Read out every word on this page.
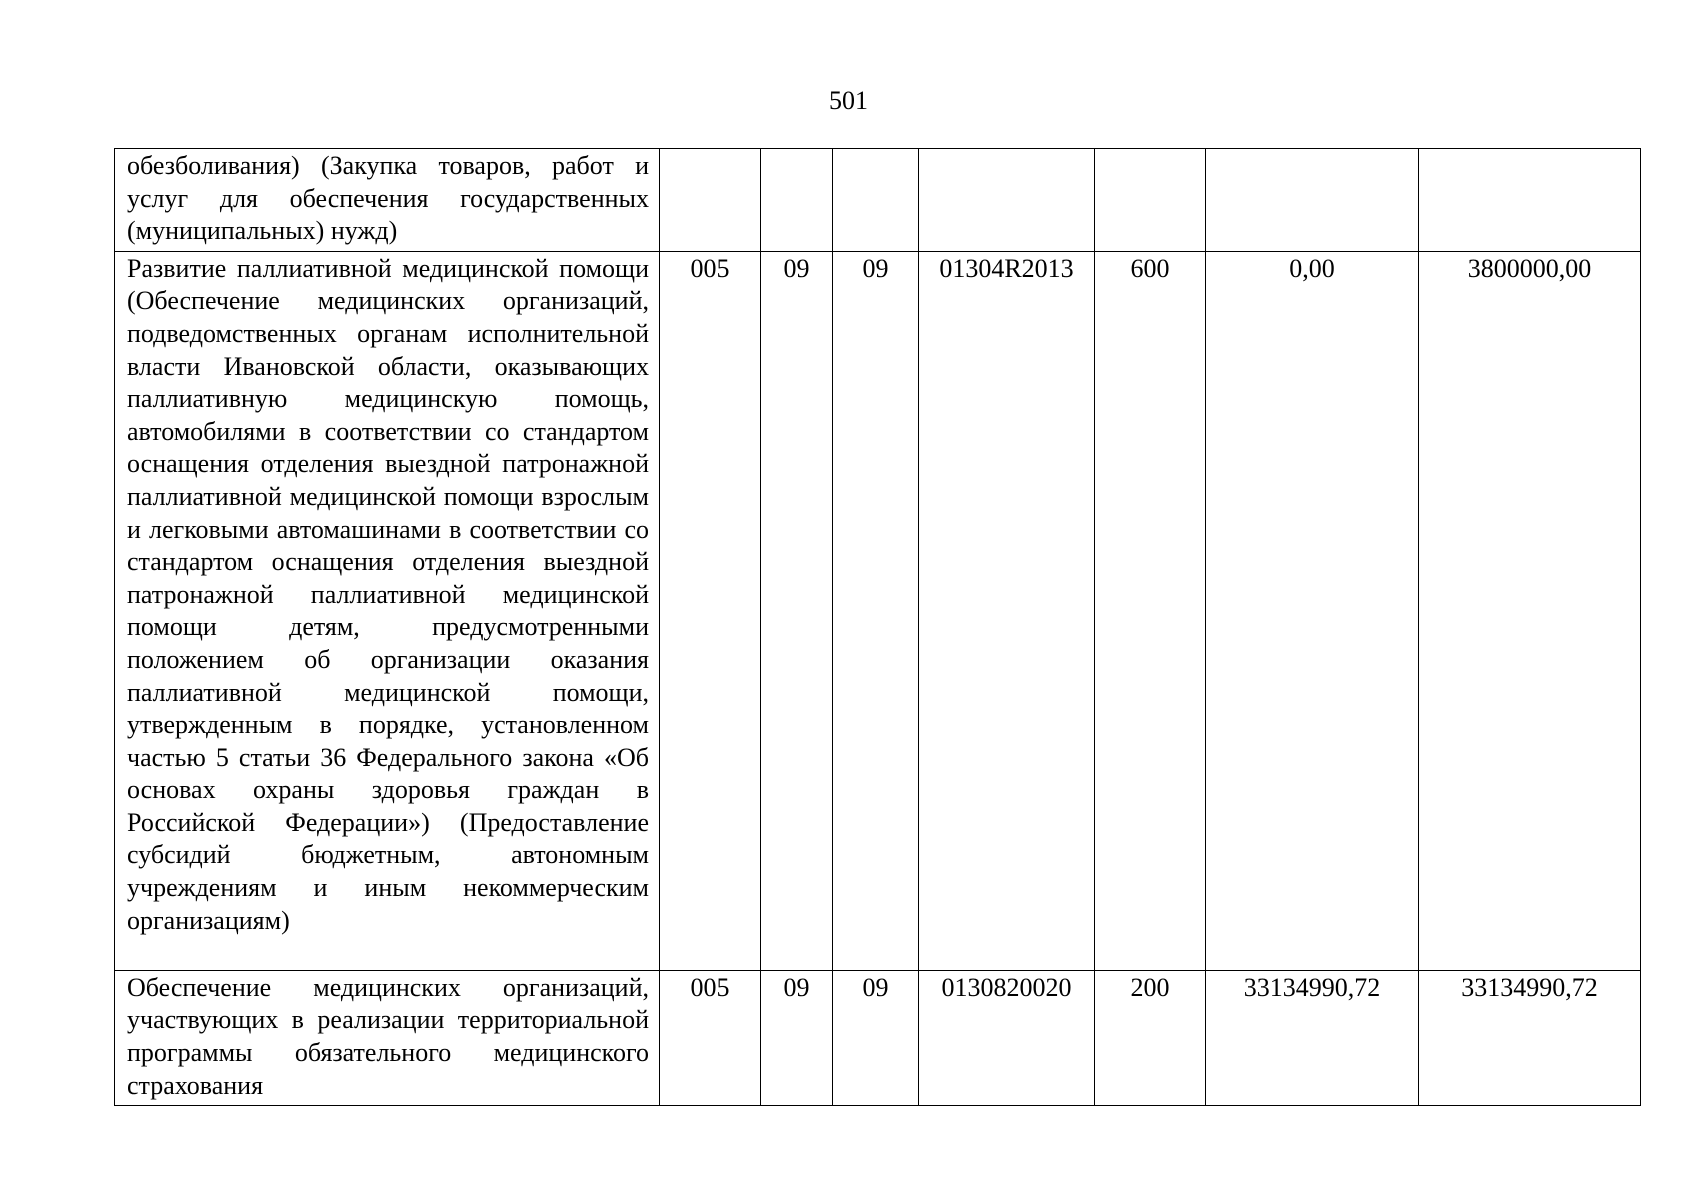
501
обезболивания) (Закупка товаров, работ и услуг для обеспечения государственных (муниципальных) нужд)							
Развитие паллиативной медицинской помощи (Обеспечение медицинских организаций, подведомственных органам исполнительной власти Ивановской области, оказывающих паллиативную медицинскую помощь, автомобилями в соответствии со стандартом оснащения отделения выездной патронажной паллиативной медицинской помощи взрослым и легковыми автомашинами в соответствии со стандартом оснащения отделения выездной патронажной паллиативной медицинской помощи детям, предусмотренными положением об организации оказания паллиативной медицинской помощи, утвержденным в порядке, установленном частью 5 статьи 36 Федерального закона «Об основах охраны здоровья граждан в Российской Федерации») (Предоставление субсидий бюджетным, автономным учреждениям и иным некоммерческим организациям)	005	09	09	01304R2013	600	0,00	3800000,00
Обеспечение медицинских организаций, участвующих в реализации территориальной программы обязательного медицинского страхования	005	09	09	0130820020	200	33134990,72	33134990,72
